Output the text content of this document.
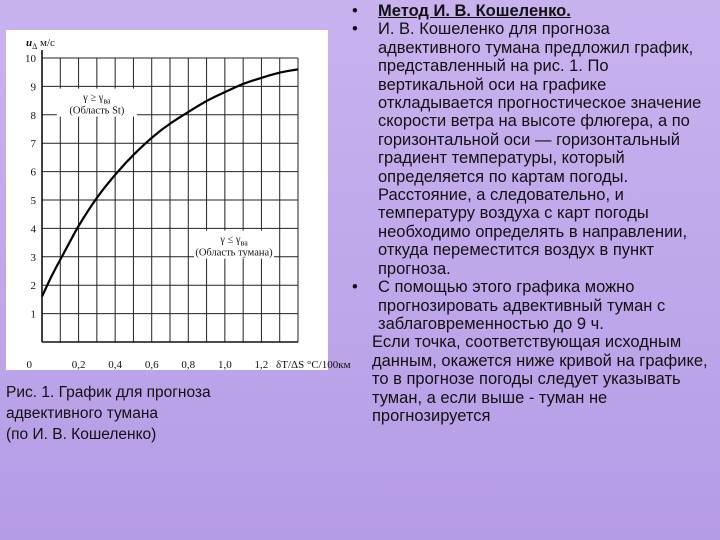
1
2
3
4
5
6
7
8
9
10
0	0,2 0,4 0,6 0,8 1,0 1,2 δT/ΔS °С/100км
$u_\Delta$ м/с
$\gamma \ge \gamma_{ва}$
(Область St)
$\gamma \le \gamma_{ва}$
(Область тумана)
Рис. 1. График для прогноза
адвективного тумана
(по И. В. Кошеленко)

• Метод И. В. Кошеленко.

• И. В. Кошеленко для прогноза адвективного тумана предложил график, представленный на рис. 1. По вертикальной оси на графике откладывается прогностическое значение скорости ветра на высоте флюгера, а по горизонтальной оси — горизонтальный градиент температуры, который определяется по картам погоды. Расстояние, а следовательно, и температуру воздуха с карт погоды необходимо определять в направлении, откуда переместится воздух в пункт прогноза.

• С помощью этого графика можно прогнозировать адвективный туман с заблаговременностью до 9 ч.

Если точка, соответствующая исходным данным, окажется ниже кривой на графике, то в прогнозе погоды следует указывать туман, а если выше - туман не прогнозируется
